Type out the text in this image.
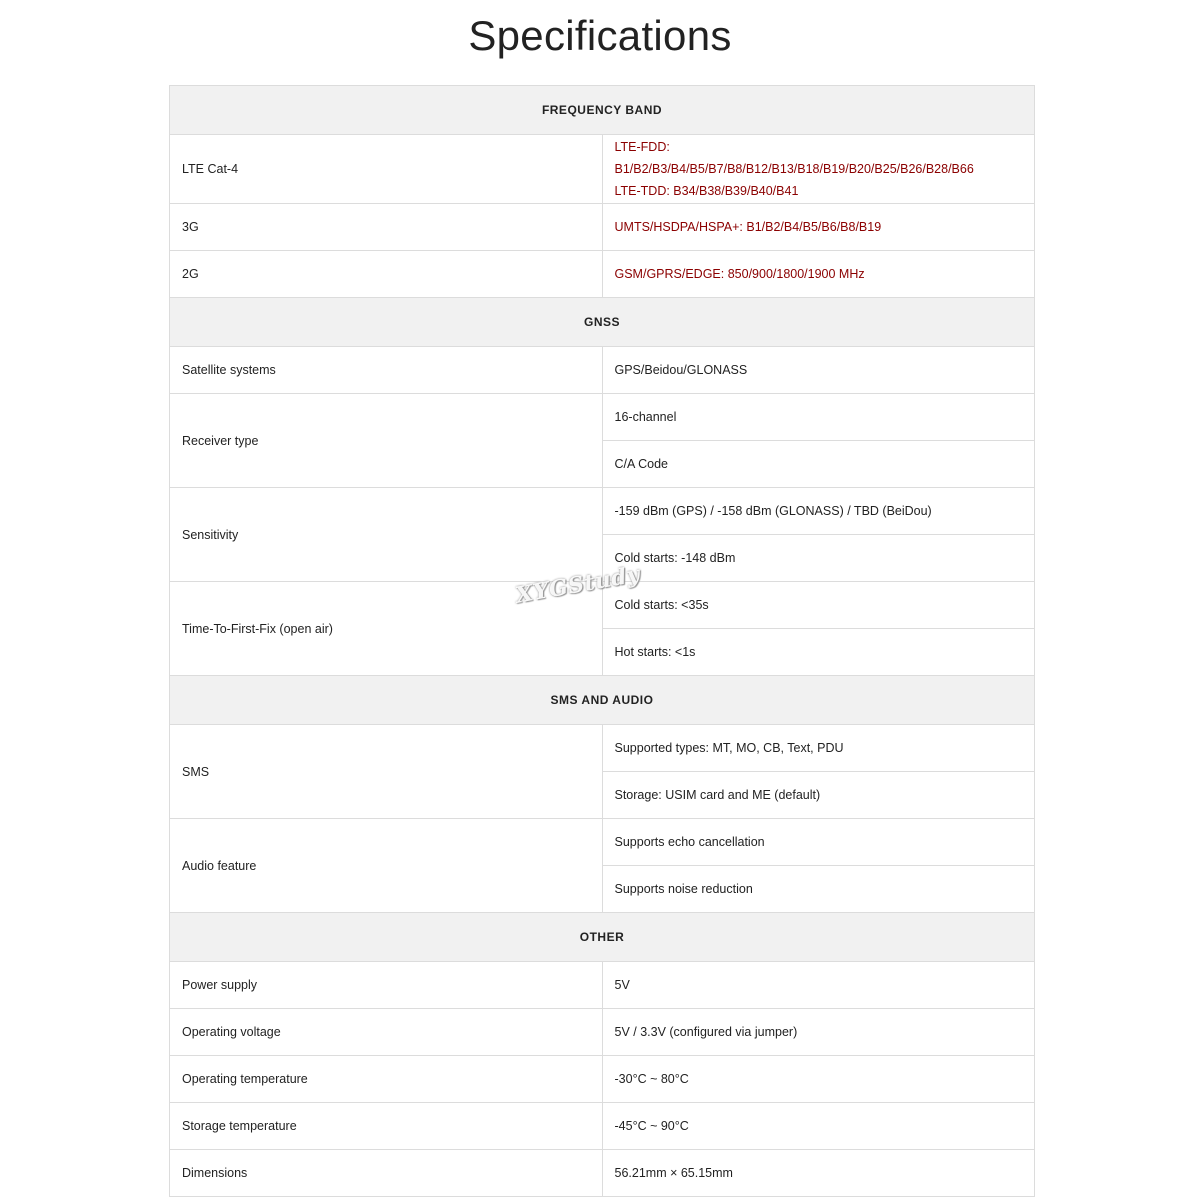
Specifications
FREQUENCY BAND	
LTE Cat-4	LTE-FDD: B1/B2/B3/B4/B5/B7/B8/B12/B13/B18/B19/B20/B25/B26/B28/B66
LTE-TDD: B34/B38/B39/B40/B41

3G	UMTS/HSDPA/HSPA+: B1/B2/B4/B5/B6/B8/B19
2G	GSM/GPRS/EDGE: 850/900/1800/1900 MHz
GNSS	
Satellite systems	GPS/Beidou/GLONASS
Receiver type	16-channel
	C/A Code
Sensitivity	-159 dBm (GPS) / -158 dBm (GLONASS) / TBD (BeiDou)
	Cold starts: -148 dBm
Time-To-First-Fix (open air)	Cold starts: <35s
	Hot starts: <1s
SMS AND AUDIO	
SMS	Supported types: MT, MO, CB, Text, PDU
	Storage: USIM card and ME (default)
Audio feature	Supports echo cancellation
	Supports noise reduction
OTHER	
Power supply	5V
Operating voltage	5V / 3.3V (configured via jumper)
Operating temperature	-30°C ~ 80°C
Storage temperature	-45°C ~ 90°C
Dimensions	56.21mm × 65.15mm
XYGStudy
